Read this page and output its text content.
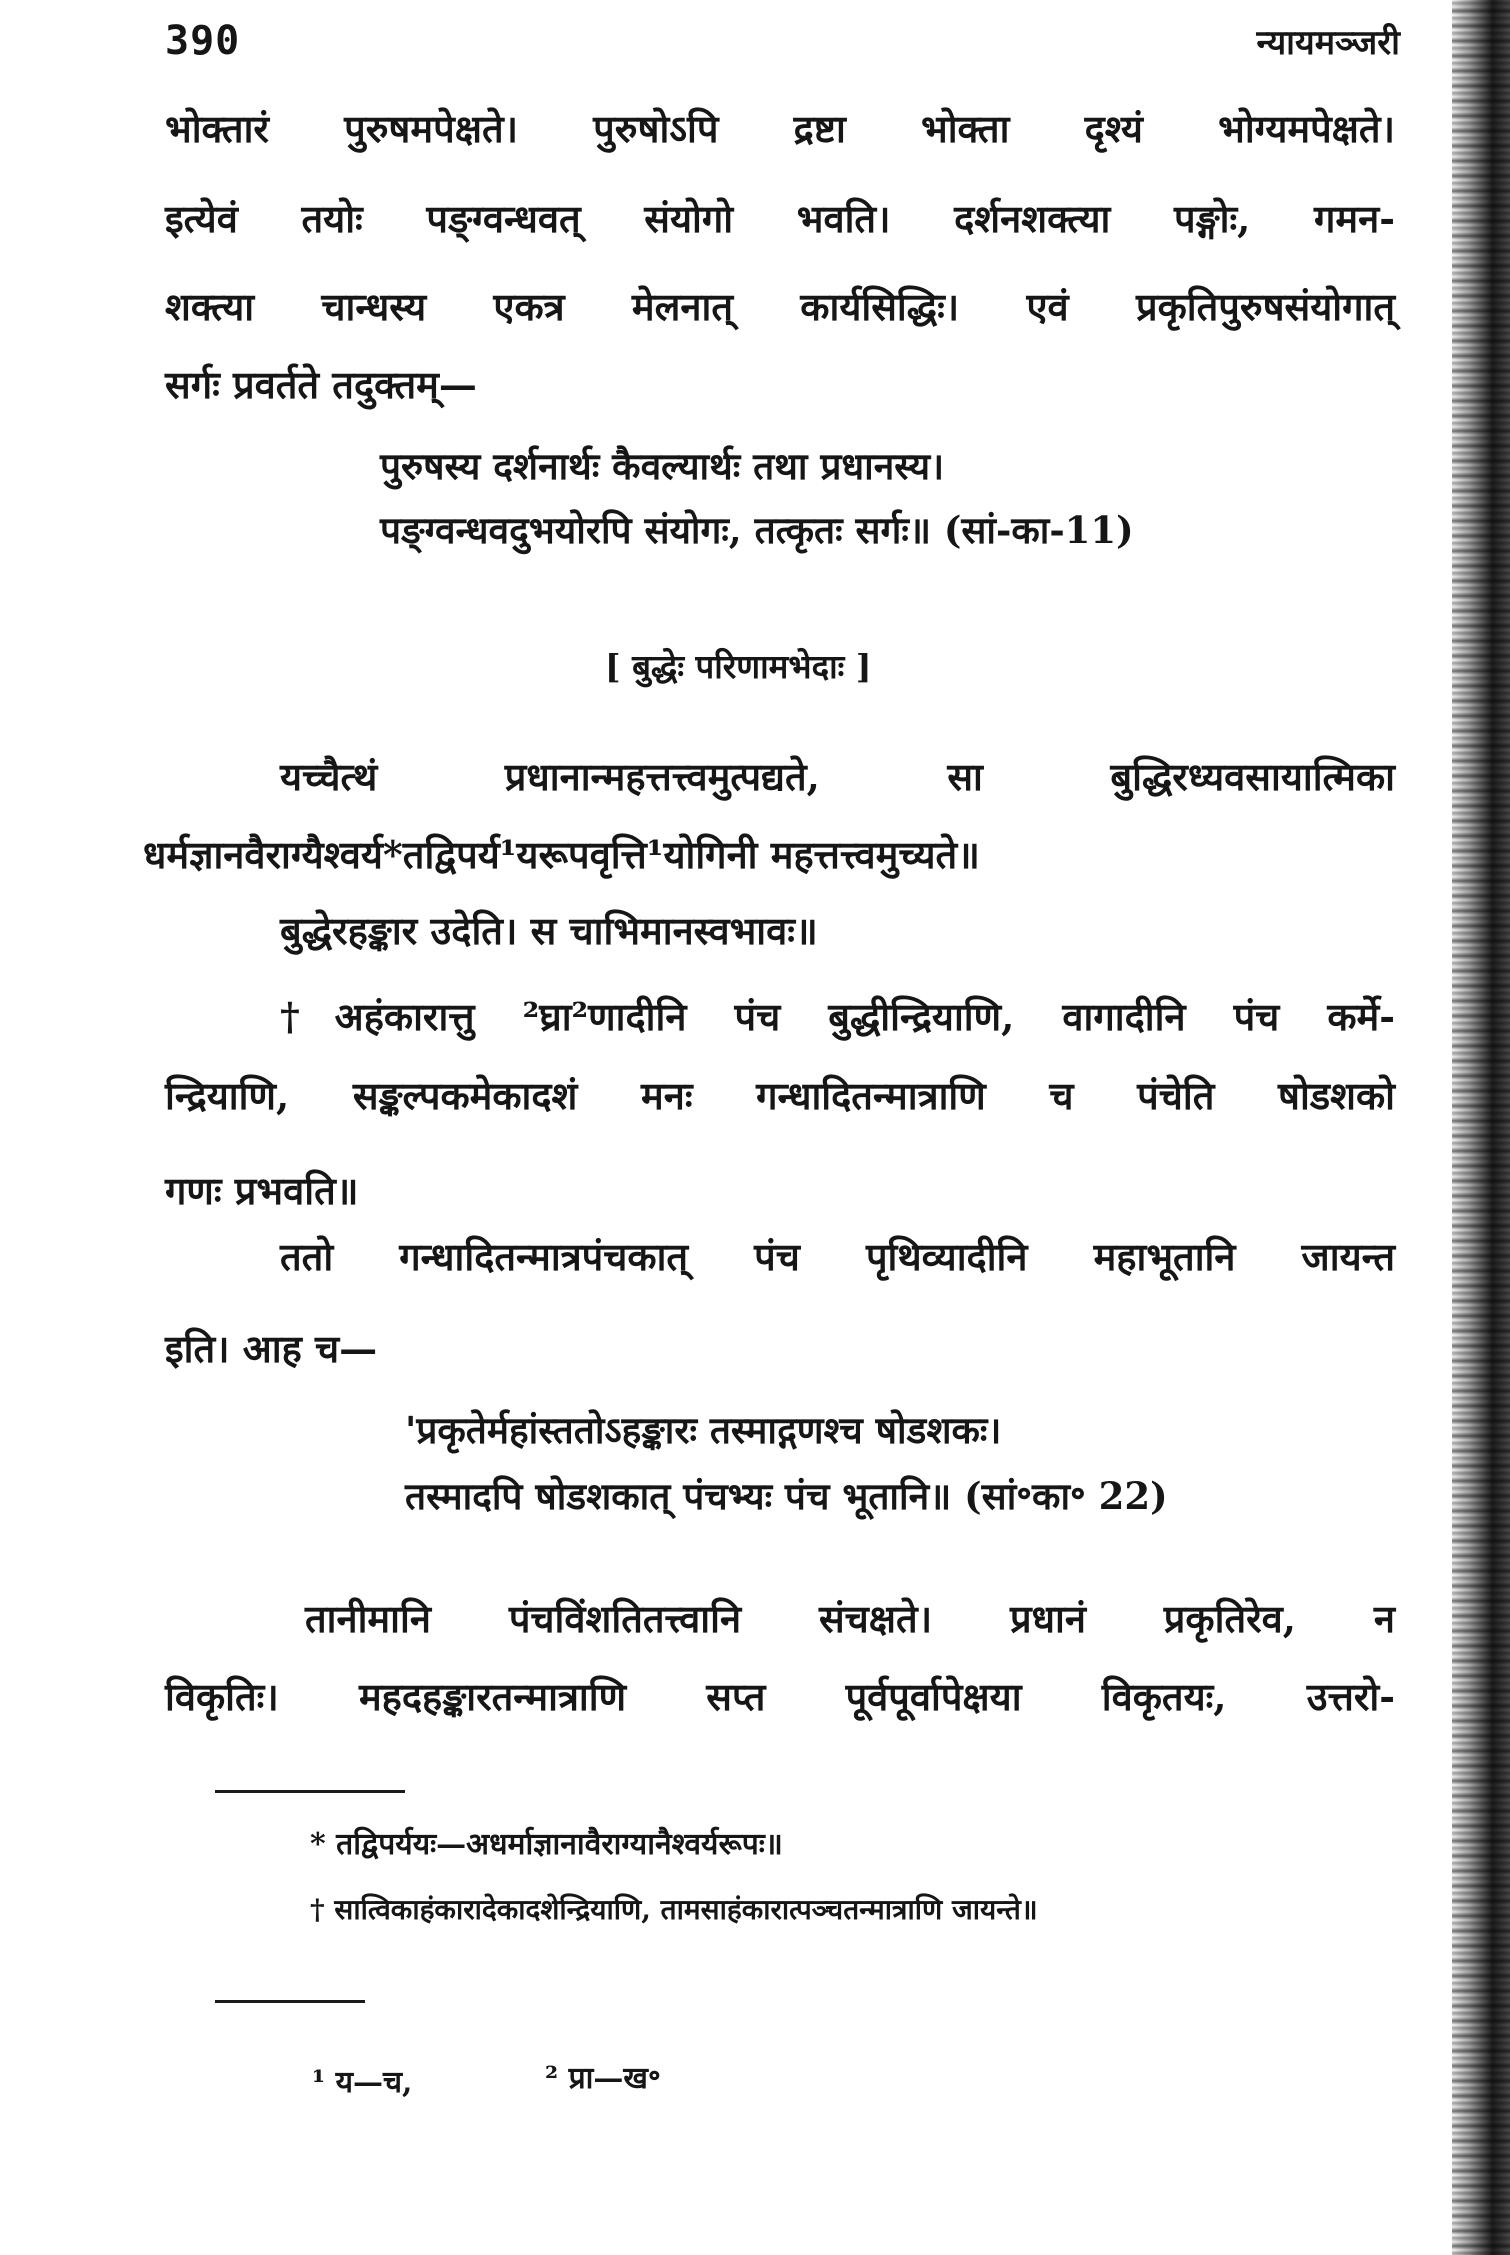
390	न्यायमञ्जरी
भोक्तारं पुरुषमपेक्षते। पुरुषोऽपि द्रष्टा भोक्ता दृश्यं भोग्यमपेक्षते।
इत्येवं तयोः पङ्ग्वन्धवत् संयोगो भवति। दर्शनशक्त्या पङ्गोः, गमन-
शक्त्या चान्धस्य एकत्र मेलनात् कार्यसिद्धिः। एवं प्रकृतिपुरुषसंयोगात्
सर्गः प्रवर्तते तदुक्तम्—
पुरुषस्य दर्शनार्थः कैवल्यार्थः तथा प्रधानस्य।
पङ्ग्वन्धवदुभयोरपि संयोगः, तत्कृतः सर्गः॥ (सां-का-11)
[ बुद्धेः परिणामभेदाः ]
यच्चैत्थं प्रधानान्महत्तत्त्वमुत्पद्यते, सा बुद्धिरध्यवसायात्मिका
धर्मज्ञानवैराग्यैश्वर्य*तद्विपर्य¹यरूपवृत्ति¹योगिनी महत्तत्त्वमुच्यते॥
बुद्धेरहङ्कार उदेति। स चाभिमानस्वभावः॥
†अहंकारात्तु ²घ्रा²णादीनि पंच बुद्धीन्द्रियाणि, वागादीनि पंच कर्मे-
न्द्रियाणि, सङ्कल्पकमेकादशं मनः गन्धादितन्मात्राणि च पंचेति षोडशको
गणः प्रभवति॥
ततो गन्धादितन्मात्रपंचकात् पंच पृथिव्यादीनि महाभूतानि जायन्त
इति। आह च—
'प्रकृतेर्महांस्ततोऽहङ्कारः तस्माद्गणश्च षोडशकः।
तस्मादपि षोडशकात् पंचभ्यः पंच भूतानि॥ (सां॰का॰ 22)
तानीमानि पंचविंशतितत्त्वानि संचक्षते। प्रधानं प्रकृतिरेव, न
विकृतिः। महदहङ्कारतन्मात्राणि सप्त पूर्वपूर्वापेक्षया विकृतयः, उत्तरो-
* तद्विपर्ययः—अधर्माज्ञानावैराग्यानैश्वर्यरूपः॥
† सात्विकाहंकारादेकादशेन्द्रियाणि, तामसाहंकारात्पञ्चतन्मात्राणि जायन्ते॥
¹ य—च,	² प्रा—ख॰
